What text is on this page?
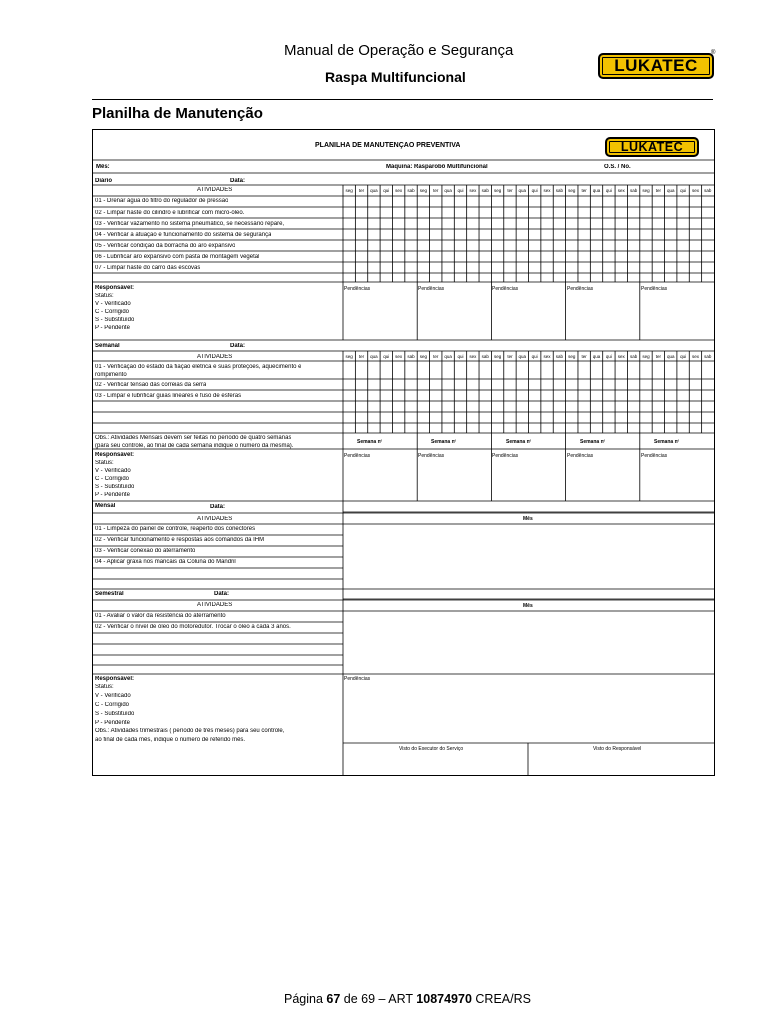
Manual de Operação e Segurança
Raspa Multifuncional
LUKATEC
®
Planilha de Manutenção
PLANILHA DE MANUTENÇÃO PREVENTIVA	LUKATEC
Mês:	Máquina: Rasparobô Multifuncional	O.S. / No.
Diário	Data:
ATIVIDADES	seg	ter	qua	qui	sex	sab	seg	ter	qua	qui	sex	sab	seg	ter	qua	qui	sex	sab	seg	ter	qua	qui	sex	sab	seg	ter	qua	qui	sex	sab
01 - Drenar água do filtro do regulador de pressão
02 - Limpar haste do cilindro e lubrificar com micro-óleo.
03 - Verificar vazamento no sistema pneumático, se necessário repare,
04 - Verificar a atuação e funcionamento do sistema de segurança
05 - Verificar condição da borracha do aro expansivo
06 - Lubrificar aro expansivo com pasta de montagem vegetal
07 - Limpar haste do carro das escovas
Responsável:
Status:
V - Verificado
C - Corrigido
S - Substituído
P - Pendente
Pendências	Pendências	Pendências	Pendências	Pendências
Semanal	Data:
ATIVIDADES	seg	ter	qua	qui	sex	sab	seg	ter	qua	qui	sex	sab	seg	ter	qua	qui	sex	sab	seg	ter	qua	qui	sex	sab	seg	ter	qua	qui	sex	sab
01 - Verificação do estado da fiação elétrica e suas proteções, aquecimento e
rompimento
02 - Verificar tensão das correias da serra
03 - Limpar e lubrificar guias lineares e fuso de esferas
Obs.: Atividades Mensais devem ser feitas no período de quatro semanas
(para seu controle, ao final de cada semana indique o número da mesma).
Semana nº	Semana nº	Semana nº	Semana nº	Semana nº
Responsável:
Status:
V - Verificado
C - Corrigido
S - Substituído
P - Pendente
Pendências	Pendências	Pendências	Pendências	Pendências
Mensal	Data:
ATIVIDADES	Mês
01 - Limpeza do painel de controle, reaperto dos conectores
02 - Verificar funcionamento e respostas aos comandos da IHM
03 - Verificar conexão do aterramento
04 - Aplicar graxa nos mancais da Coluna do Mandril
Semestral	Data:
ATIVIDADES	Mês
01 - Avaliar o valor da resistência do aterramento
02 - Verificar o nível de óleo do motoredutor. Trocar o óleo a cada 3 anos.
Responsável:
Status:
V - Verificado
C - Corrigido
S - Substituído
P - Pendente
Obs.: Atividades trimestrais ( período de três meses) para seu controle,
ao final de cada mês, indique o número de referido mês.
Pendências
Visto do Executor do Serviço	Visto do Responsável
Página 67 de 69 – ART 10874970 CREA/RS
